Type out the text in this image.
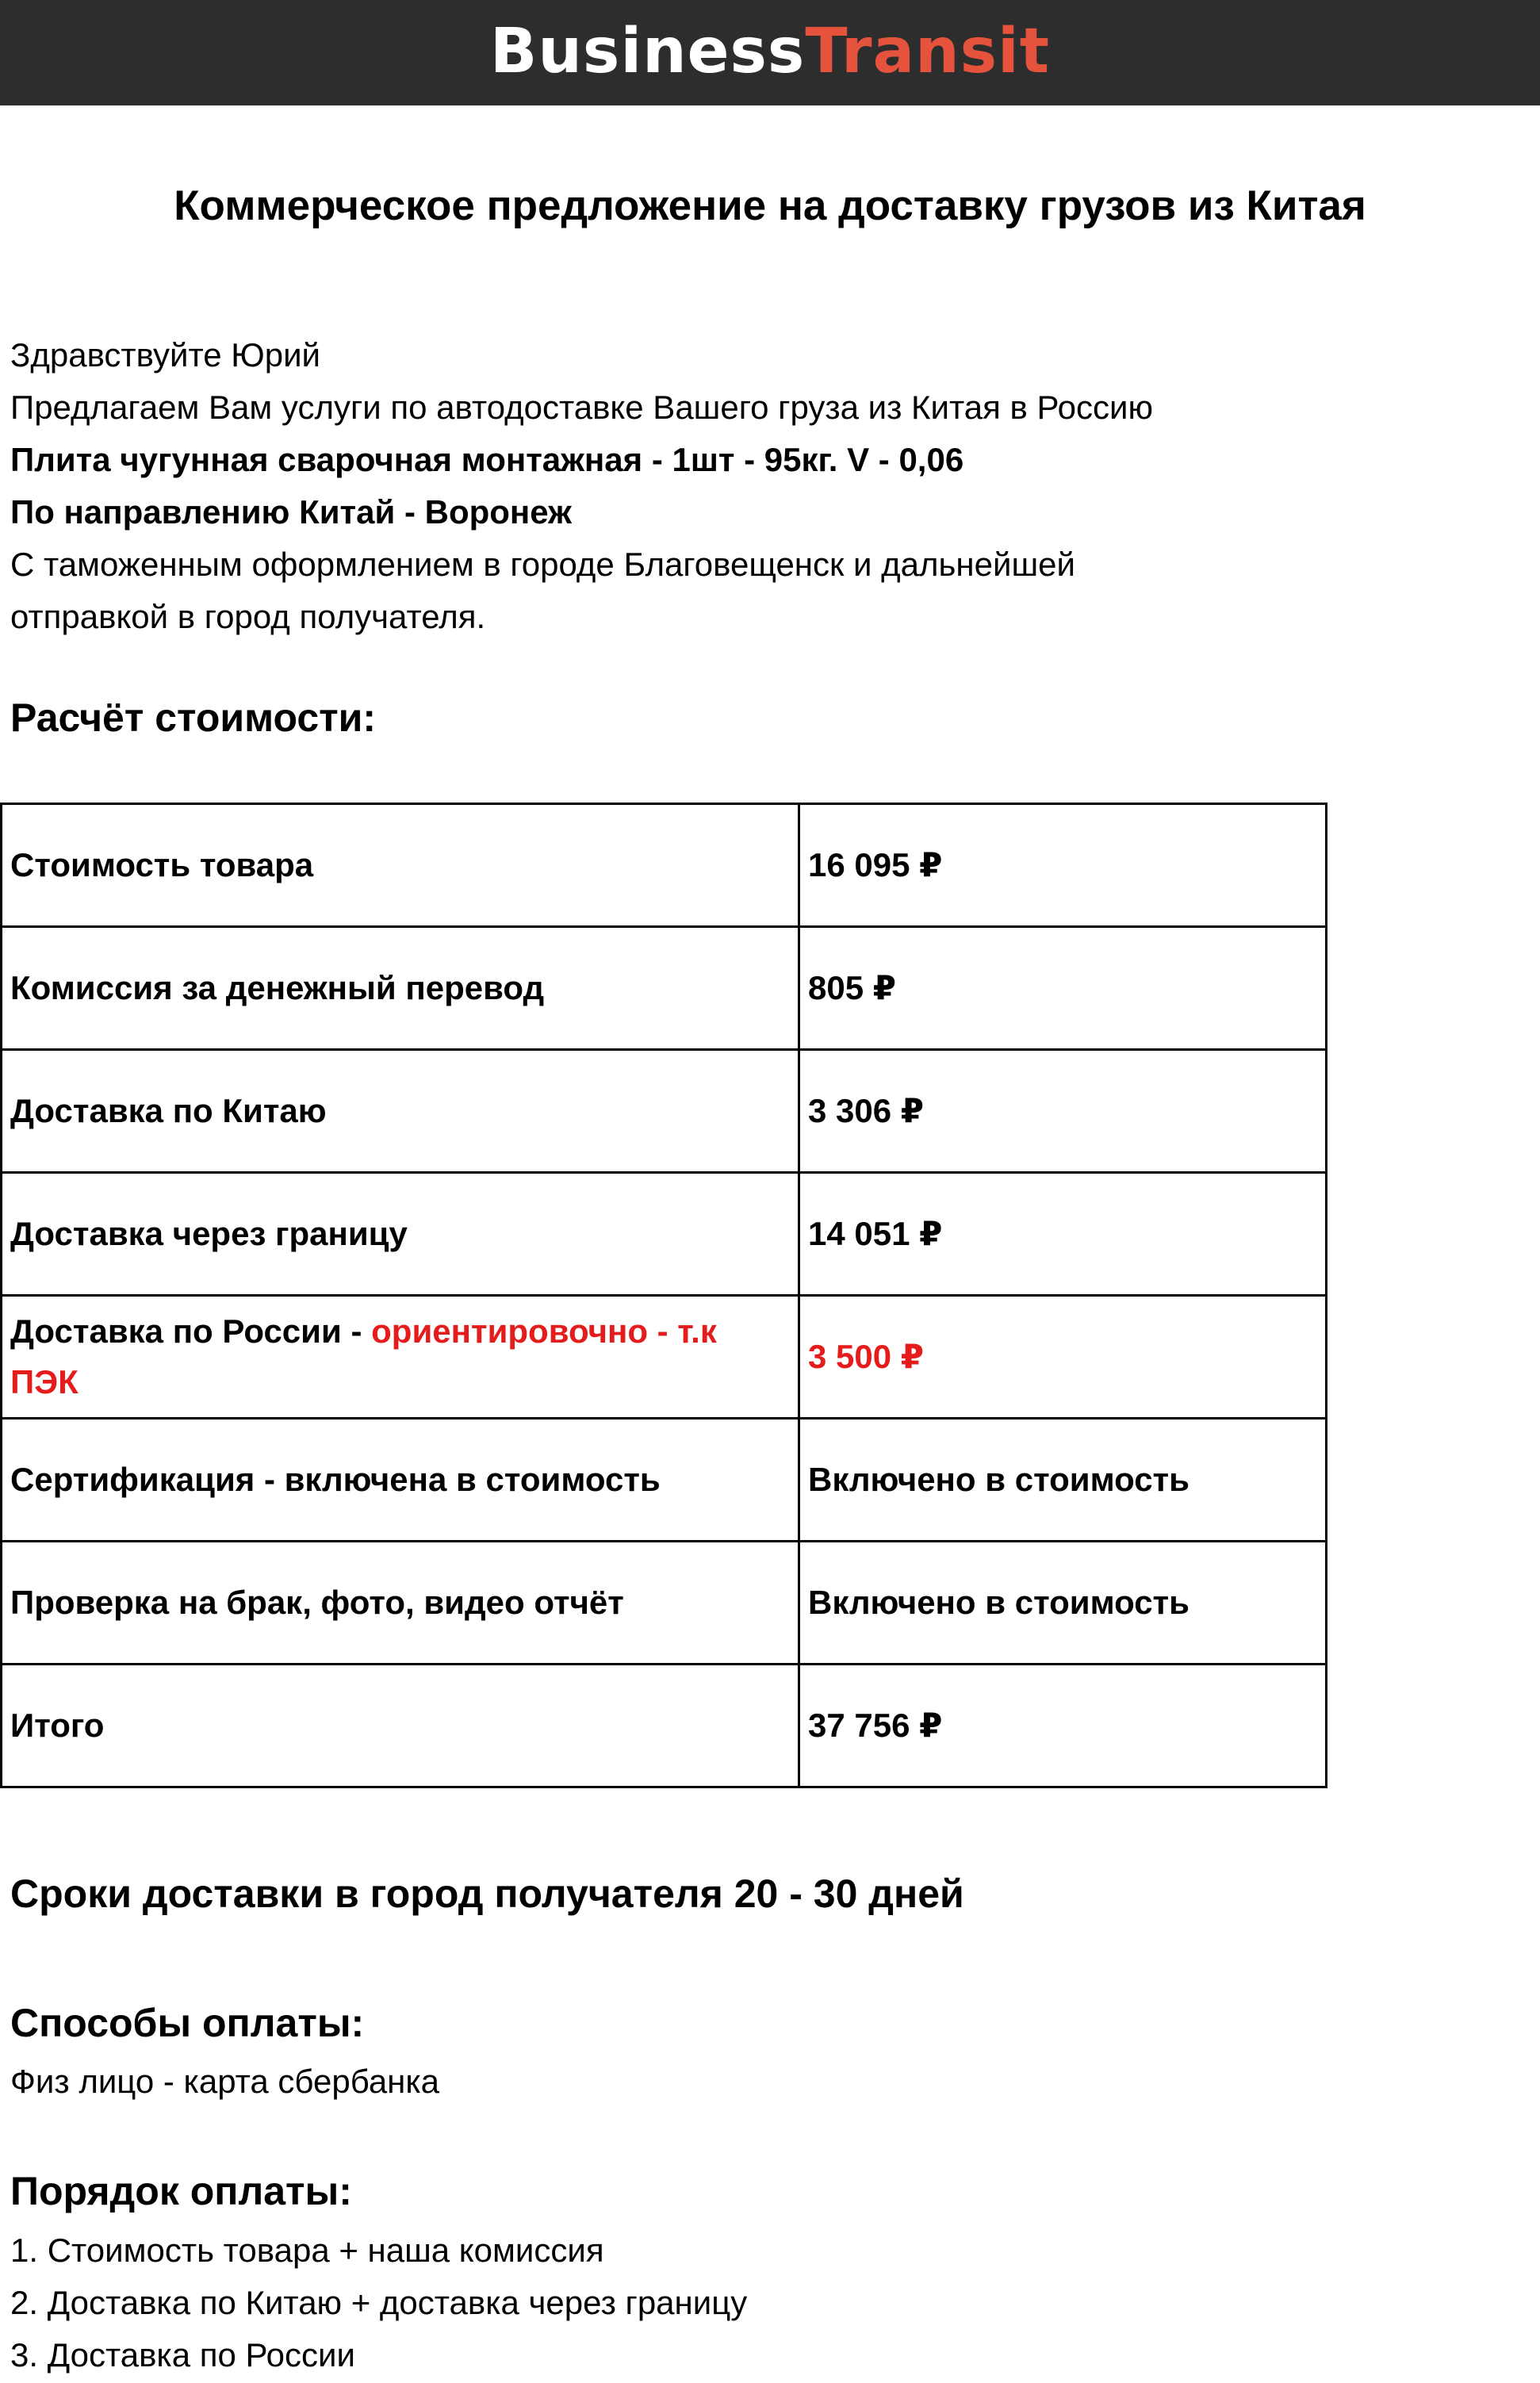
BusinessTransit
Коммерческое предложение на доставку грузов из Китая
Здравствуйте Юрий
Предлагаем Вам услуги по автодоставке Вашего груза из Китая в Россию
Плита чугунная сварочная монтажная - 1шт - 95кг. V - 0,06
По направлению Китай - Воронеж
С таможенным оформлением в городе Благовещенск и дальнейшей
отправкой в город получателя.
Расчёт стоимости:
Стоимость товара	16 095 ₽
Комиссия за денежный перевод	805 ₽
Доставка по Китаю	3 306 ₽
Доставка через границу	14 051 ₽
Доставка по России - ориентировочно - т.к ПЭК	3 500 ₽
Сертификация - включена в стоимость	Включено в стоимость
Проверка на брак, фото, видео отчёт	Включено в стоимость
Итого	37 756 ₽
Сроки доставки в город получателя 20 - 30 дней
Способы оплаты:
Физ лицо - карта сбербанка
Порядок оплаты:
1. Стоимость товара + наша комиссия
2. Доставка по Китаю + доставка через границу
3. Доставка по России
